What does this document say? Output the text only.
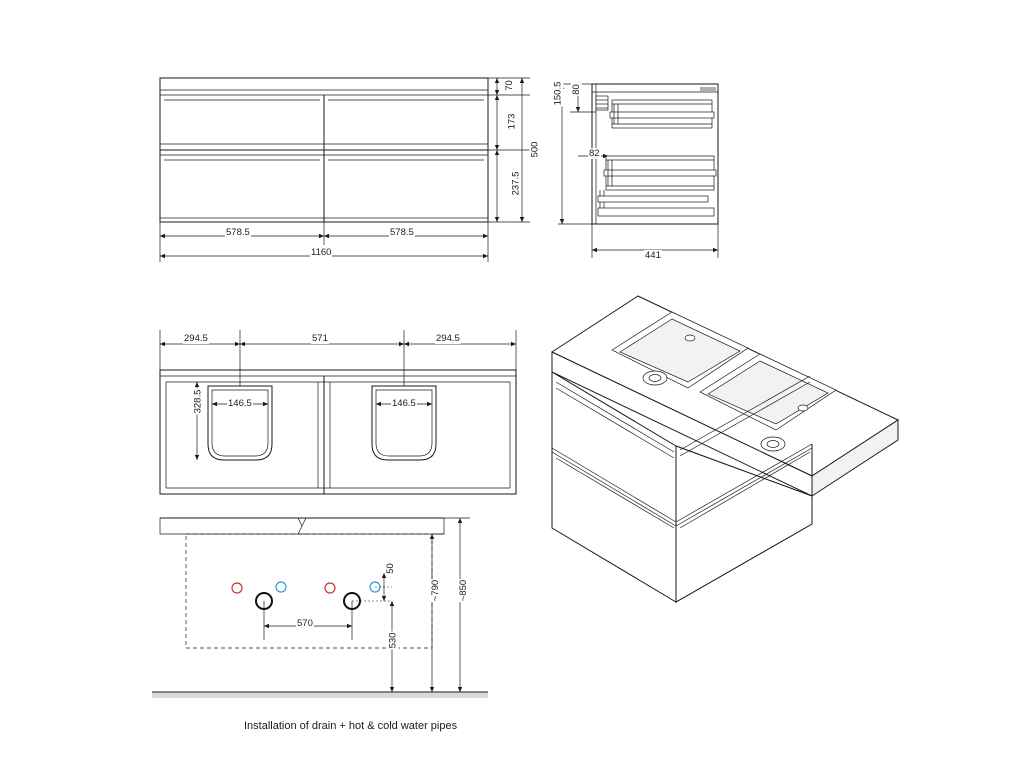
70
173
237.5
500
578.5	578.5
1160
80
150.5
82
441
294.5	571	294.5
328.5	146.5	146.5
50
570
530
~790 ~850
Installation of drain + hot & cold water pipes
